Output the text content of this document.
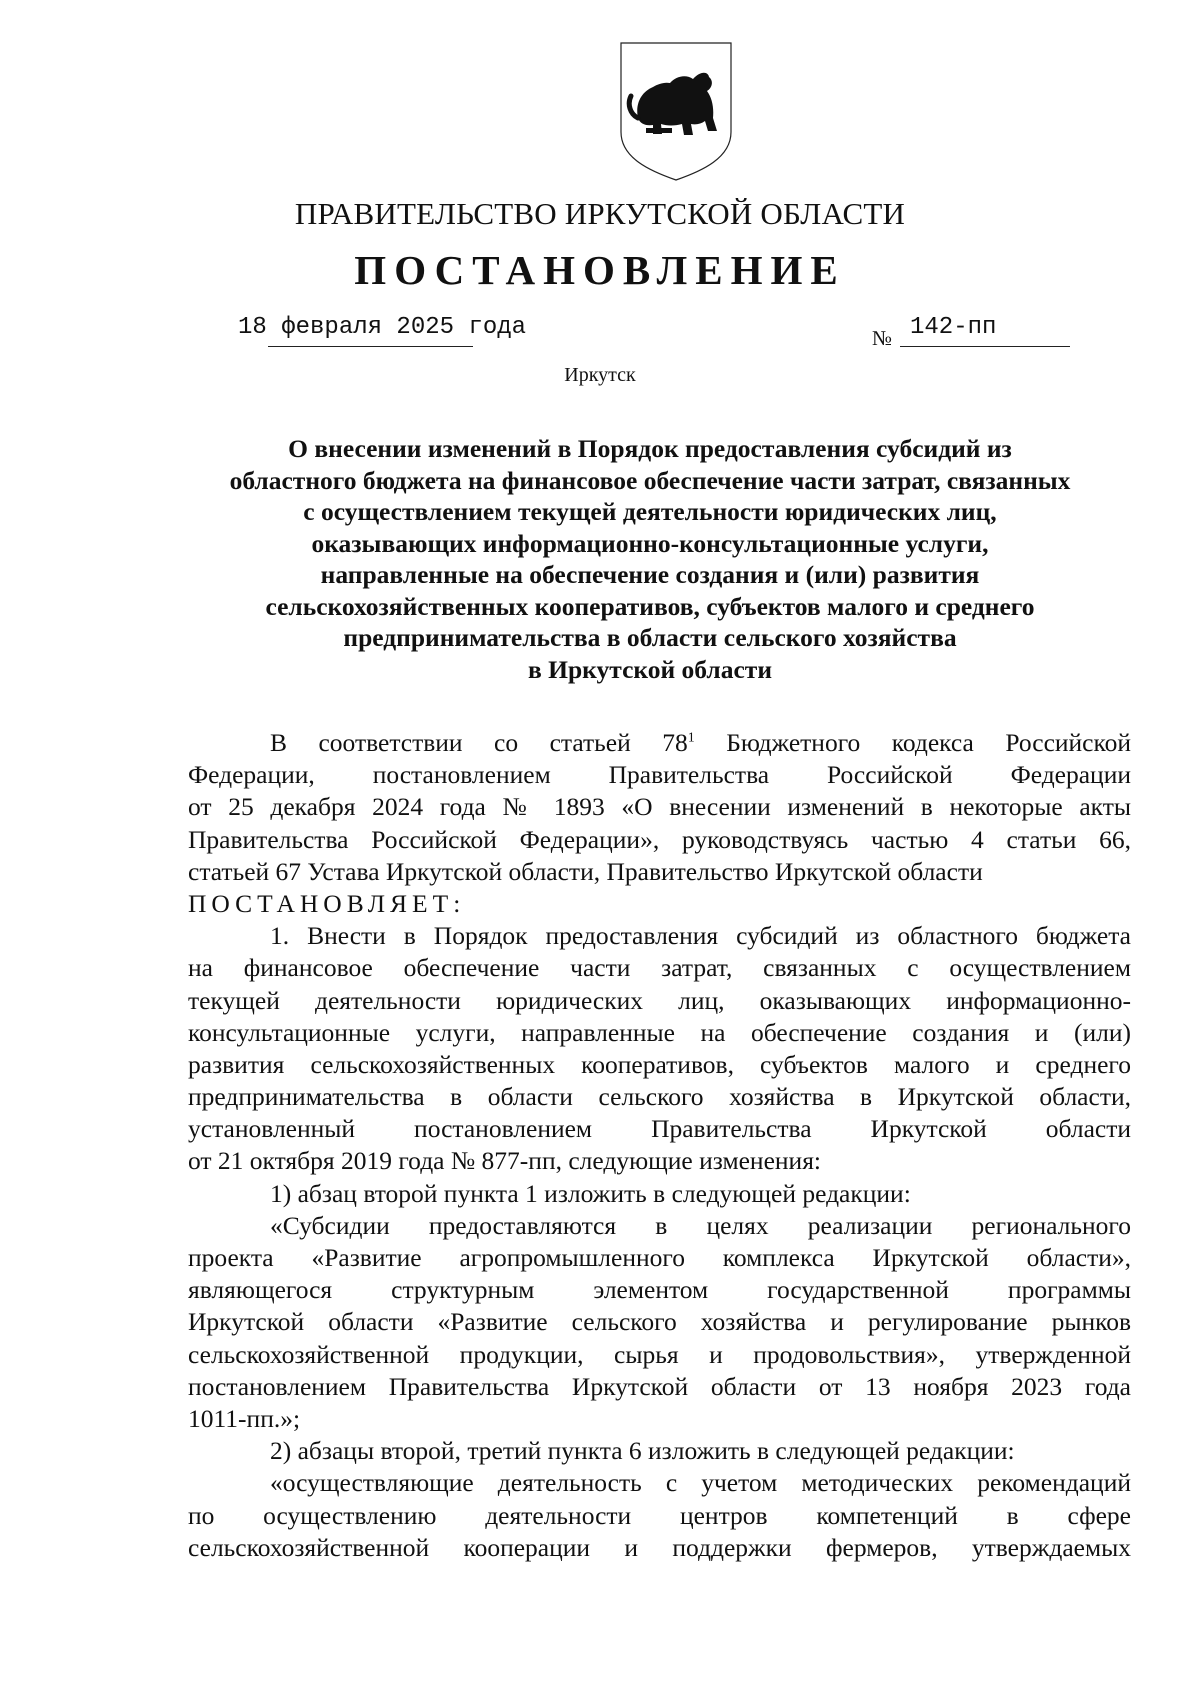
ПРАВИТЕЛЬСТВО ИРКУТСКОЙ ОБЛАСТИ
ПОСТАНОВЛЕНИЕ
18 февраля 2025 года	№ 142-пп
Иркутск
О внесении изменений в Порядок предоставления субсидий из
областного бюджета на финансовое обеспечение части затрат, связанных
с осуществлением текущей деятельности юридических лиц,
оказывающих информационно-консультационные услуги,
направленные на обеспечение создания и (или) развития
сельскохозяйственных кооперативов, субъектов малого и среднего
предпринимательства в области сельского хозяйства
в Иркутской области
В соответствии со статьей $78^1$ Бюджетного кодекса Российской
Федерации, постановлением Правительства Российской Федерации
от 25 декабря 2024 года № 1893 «О внесении изменений в некоторые акты
Правительства Российской Федерации», руководствуясь частью 4 статьи 66,
статьей 67 Устава Иркутской области, Правительство Иркутской области
ПОСТАНОВЛЯЕТ:
1. Внести в Порядок предоставления субсидий из областного бюджета
на финансовое обеспечение части затрат, связанных с осуществлением
текущей деятельности юридических лиц, оказывающих информационно-
консультационные услуги, направленные на обеспечение создания и (или)
развития сельскохозяйственных кооперативов, субъектов малого и среднего
предпринимательства в области сельского хозяйства в Иркутской области,
установленный постановлением Правительства Иркутской области
от 21 октября 2019 года № 877-пп, следующие изменения:
1) абзац второй пункта 1 изложить в следующей редакции:
«Субсидии предоставляются в целях реализации регионального
проекта «Развитие агропромышленного комплекса Иркутской области»,
являющегося структурным элементом государственной программы
Иркутской области «Развитие сельского хозяйства и регулирование рынков
сельскохозяйственной продукции, сырья и продовольствия», утвержденной
постановлением Правительства Иркутской области от 13 ноября 2023 года
1011-пп.»;
2) абзацы второй, третий пункта 6 изложить в следующей редакции:
«осуществляющие деятельность с учетом методических рекомендаций
по осуществлению деятельности центров компетенций в сфере
сельскохозяйственной кооперации и поддержки фермеров, утверждаемых
